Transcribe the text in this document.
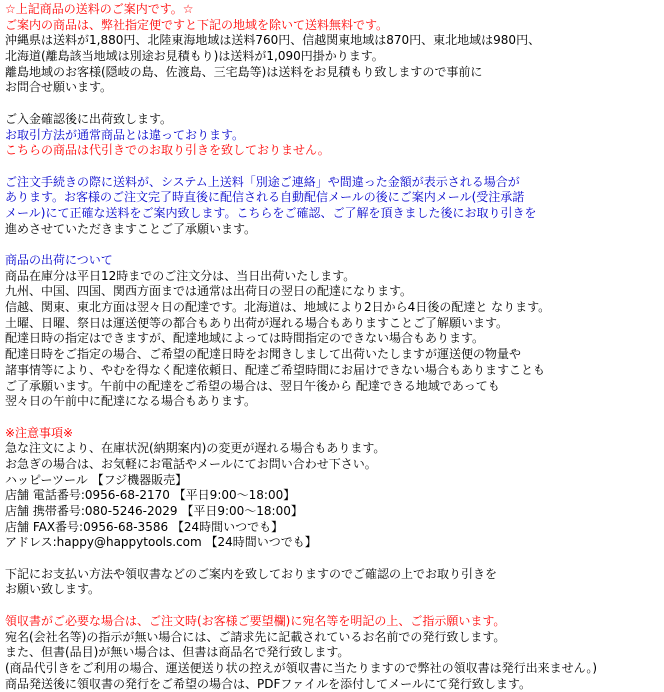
☆上記商品の送料のご案内です。☆
ご案内の商品は、弊社指定便ですと下記の地域を除いて送料無料です。
沖縄県は送料が1,880円、北陸東海地域は送料760円、信越関東地域は870円、東北地域は980円、
北海道(離島該当地域は別途お見積もり)は送料が1,090円掛かります。
離島地域のお客様(隠岐の島、佐渡島、三宅島等)は送料をお見積もり致しますので事前に
お問合せ願います。
ご入金確認後に出荷致します。
お取引方法が通常商品とは違っております。
こちらの商品は代引きでのお取り引きを致しておりません。
ご注文手続きの際に送料が、システム上送料「別途ご連絡」や間違った金額が表示される場合が
あります。お客様のご注文完了時直後に配信される自動配信メールの後にご案内メール(受注承諾
メール)にて正確な送料をご案内致します。こちらをご確認、ご了解を頂きました後にお取り引きを
進めさせていただきますことご了承願います。
商品の出荷について
商品在庫分は平日12時までのご注文分は、当日出荷いたします。
九州、中国、四国、関西方面までは通常は出荷日の翌日の配達になります。
信越、関東、東北方面は翌々日の配達です。北海道は、地域により2日から4日後の配達と なります。
土曜、日曜、祭日は運送便等の都合もあり出荷が遅れる場合もありますことご了解願います。
配達日時の指定はできますが、配達地域によっては時間指定のできない場合もあります。
配達日時をご指定の場合、ご希望の配達日時をお聞きしまして出荷いたしますが運送便の物量や
諸事情等により、やむを得なく配達依頼日、配達ご希望時間にお届けできない場合もありますことも
ご了承願います。午前中の配達をご希望の場合は、翌日午後から 配達できる地域であっても
翌々日の午前中に配達になる場合もあります。
※注意事項※
急な注文により、在庫状況(納期案内)の変更が遅れる場合もあります。
お急ぎの場合は、お気軽にお電話やメールにてお問い合わせ下さい。
ハッピーツール 【フジ機器販売】
店舗 電話番号:0956-68-2170 【平日9:00～18:00】
店舗 携帯番号:080-5246-2029 【平日9:00～18:00】
店舗 FAX番号:0956-68-3586 【24時間いつでも】
アドレス:happy@happytools.com 【24時間いつでも】
下記にお支払い方法や領収書などのご案内を致しておりますのでご確認の上でお取り引きを
お願い致します。
領収書がご必要な場合は、ご注文時(お客様ご要望欄)に宛名等を明記の上、ご指示願います。
宛名(会社名等)の指示が無い場合には、ご請求先に記載されているお名前での発行致します。
また、但書(品目)が無い場合は、但書は商品名で発行致します。
(商品代引きをご利用の場合、運送便送り状の控えが領収書に当たりますので弊社の領収書は発行出来ません。)
商品発送後に領収書の発行をご希望の場合は、PDFファイルを添付してメールにて発行致します。
